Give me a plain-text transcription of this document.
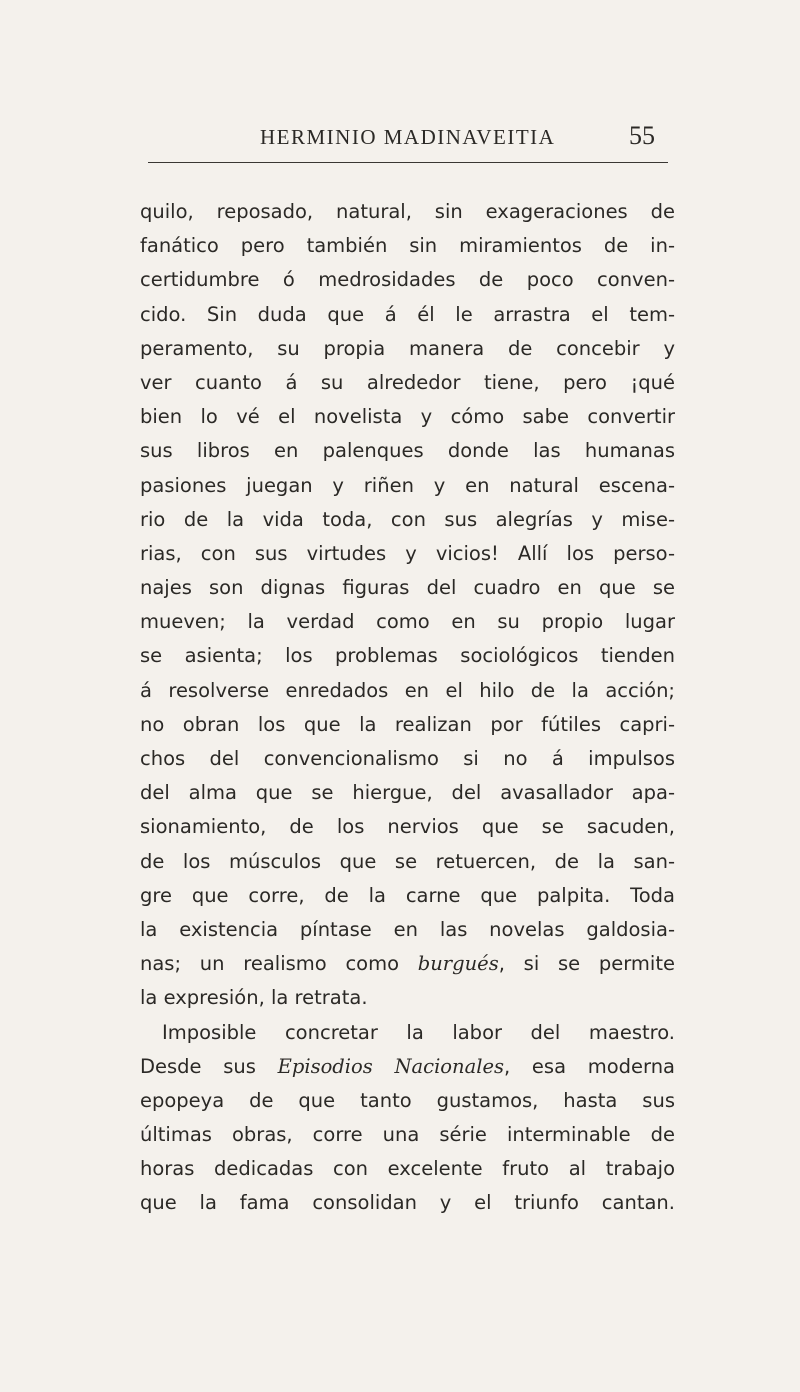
HERMINIO MADINAVEITIA	55
quilo, reposado, natural, sin exageraciones de
fanático pero también sin miramientos de in-
certidumbre ó medrosidades de poco conven-
cido. Sin duda que á él le arrastra el tem-
peramento, su propia manera de concebir y
ver cuanto á su alrededor tiene, pero ¡qué
bien lo vé el novelista y cómo sabe convertir
sus libros en palenques donde las humanas
pasiones juegan y riñen y en natural escena-
rio de la vida toda, con sus alegrías y mise-
rias, con sus virtudes y vicios! Allí los perso-
najes son dignas figuras del cuadro en que se
mueven; la verdad como en su propio lugar
se asienta; los problemas sociológicos tienden
á resolverse enredados en el hilo de la acción;
no obran los que la realizan por fútiles capri-
chos del convencionalismo si no á impulsos
del alma que se hiergue, del avasallador apa-
sionamiento, de los nervios que se sacuden,
de los músculos que se retuercen, de la san-
gre que corre, de la carne que palpita. Toda
la existencia píntase en las novelas galdosia-
nas; un realismo como burgués, si se permite
la expresión, la retrata.
Imposible concretar la labor del maestro.
Desde sus Episodios Nacionales, esa moderna
epopeya de que tanto gustamos, hasta sus
últimas obras, corre una série interminable de
horas dedicadas con excelente fruto al trabajo
que la fama consolidan y el triunfo cantan.
